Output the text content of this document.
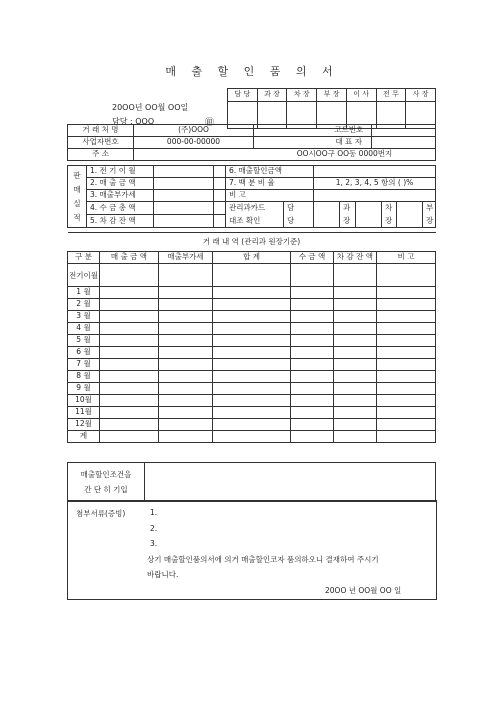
매 출 할 인 품 의 서
담 당	과 장	차 장	부 장	이 사	전 무	사 장

20OO년 OO월 OO일
담당 : OOO	㊞
거 래 처 명	(주)OOO		코드번호	
사업자번호	000-00-00000		대 표 자	
주 소	OO시OO구 OO동 0000번지			
판
매
실
적	1. 전 기 이 월			6. 매출할인금액							
	2. 매 출 금 액			7. 백 분 비 율		1, 2, 3, 4, 5 항의 ( )%					
	3. 매출부가세			비 고							
	4. 수 금 총 액			관리과카드	담		과		차		부
	5. 차 감 잔 액			대조 확인	당		장		장		장
거 래 내 역 (관리과 원장기준)						
구 분	매 출 금 액	매출부가세	합 계	수 금 액	차 감 잔 액	비 고
전기이월						
1 월						
2 월						
3 월						
4 월						
5 월						
6 월						
7 월						
8 월						
9 월						
10월						
11월						
12월						
계						
매출할인조건을
간 단 히 기입	
첨부서류(증빙)	1.
2.
3.
상기 매출할인품의서에 의거 매출할인코자 품의하오니 결재하여 주시기
바랍니다.
20OO 년 OO월 OO 일
